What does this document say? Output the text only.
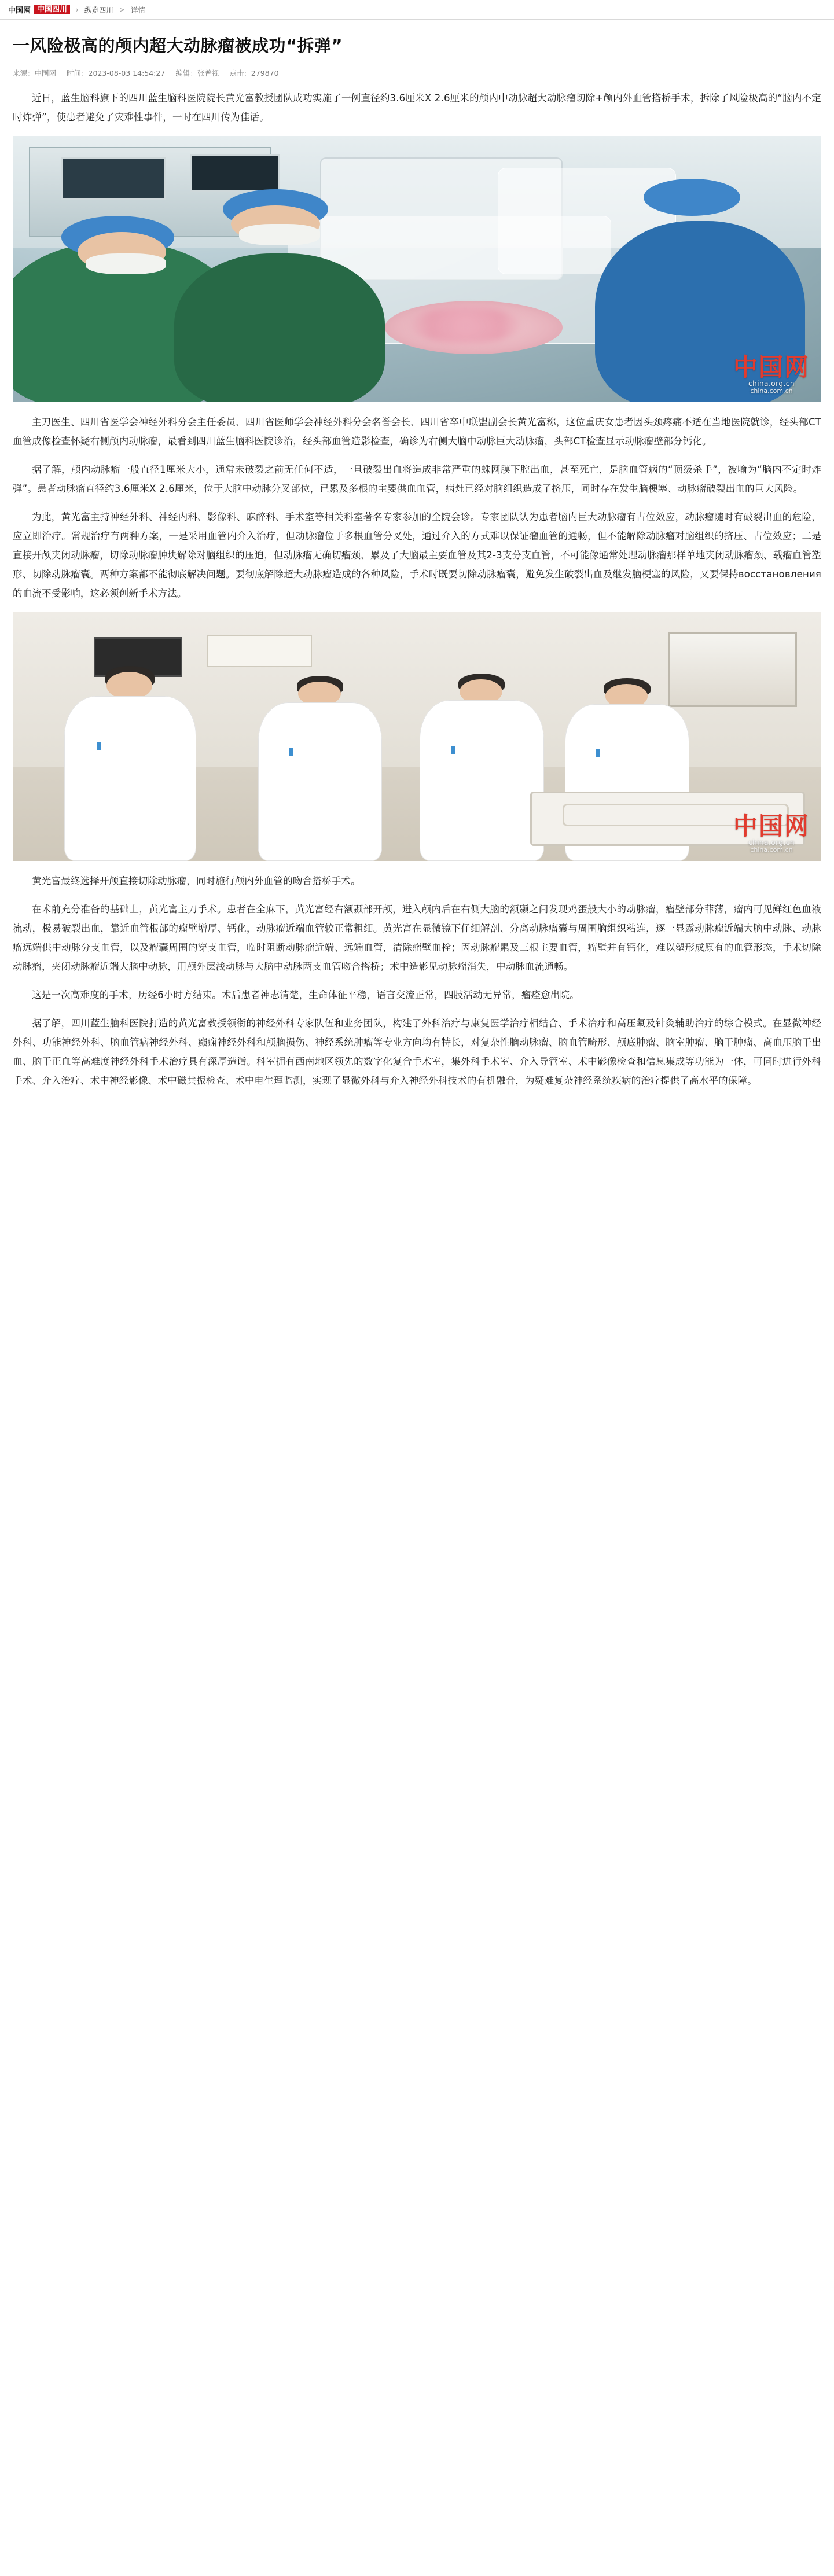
中国网 中国四川	› 纵览四川 > 详情
一风险极高的颅内超大动脉瘤被成功“拆弹”
来源：中国网 时间：2023-08-03 14:54:27 编辑：张普视 点击：279870

近日，蓝生脑科旗下的四川蓝生脑科医院院长黄光富教授团队成功实施了一例直径约3.6厘米X 2.6厘米的颅内中动脉超大动脉瘤切除+颅内外血管搭桥手术，拆除了风险极高的“脑内不定时炸弹”，使患者避免了灾难性事件，一时在四川传为佳话。

中国网
china.org.cn
china.com.cn

主刀医生、四川省医学会神经外科分会主任委员、四川省医师学会神经外科分会名誉会长、四川省卒中联盟副会长黄光富称，这位重庆女患者因头颈疼痛不适在当地医院就诊，经头部CT血管成像检查怀疑右侧颅内动脉瘤，最看到四川蓝生脑科医院诊治，经头部血管造影检查，确诊为右侧大脑中动脉巨大动脉瘤，头部CT检查显示动脉瘤壁部分钙化。

据了解，颅内动脉瘤一般直径1厘米大小，通常未破裂之前无任何不适，一旦破裂出血将造成非常严重的蛛网膜下腔出血，甚至死亡，是脑血管病的“顶级杀手”，被喻为“脑内不定时炸弹”。患者动脉瘤直径约3.6厘米X 2.6厘米，位于大脑中动脉分叉部位，已累及多根的主要供血血管，病灶已经对脑组织造成了挤压，同时存在发生脑梗塞、动脉瘤破裂出血的巨大风险。

为此，黄光富主持神经外科、神经内科、影像科、麻醉科、手术室等相关科室著名专家参加的全院会诊。专家团队认为患者脑内巨大动脉瘤有占位效应，动脉瘤随时有破裂出血的危险，应立即治疗。常规治疗有两种方案，一是采用血管内介入治疗，但动脉瘤位于多根血管分叉处，通过介入的方式难以保证瘤血管的通畅，但不能解除动脉瘤对脑组织的挤压、占位效应；二是直接开颅夹闭动脉瘤，切除动脉瘤肿块解除对脑组织的压迫，但动脉瘤无确切瘤颈、累及了大脑最主要血管及其2-3支分支血管，不可能像通常处理动脉瘤那样单地夹闭动脉瘤颈、载瘤血管塑形、切除动脉瘤囊。两种方案都不能彻底解决问题。要彻底解除超大动脉瘤造成的各种风险，手术时既要切除动脉瘤囊，避免发生破裂出血及继发脑梗塞的风险，又要保持восстановления的血流不受影响，这必须创新手术方法。

中国网
china.org.cn
china.com.cn

黄光富最终选择开颅直接切除动脉瘤，同时施行颅内外血管的吻合搭桥手术。

在术前充分准备的基础上，黄光富主刀手术。患者在全麻下，黄光富经右额颞部开颅，进入颅内后在右侧大脑的额颞之间发现鸡蛋般大小的动脉瘤，瘤壁部分菲薄，瘤内可见鲜红色血液流动，极易破裂出血，靠近血管根部的瘤壁增厚、钙化，动脉瘤近端血管较正常粗细。黄光富在显微镜下仔细解剖、分离动脉瘤囊与周围脑组织粘连，逐一显露动脉瘤近端大脑中动脉、动脉瘤远端供中动脉分支血管，以及瘤囊周围的穿支血管，临时阻断动脉瘤近端、远端血管，清除瘤壁血栓；因动脉瘤累及三根主要血管，瘤壁并有钙化，难以塑形成原有的血管形态，手术切除动脉瘤，夹闭动脉瘤近端大脑中动脉，用颅外层浅动脉与大脑中动脉两支血管吻合搭桥；术中造影见动脉瘤消失，中动脉血流通畅。

这是一次高难度的手术，历经6小时方结束。术后患者神志清楚，生命体征平稳，语言交流正常，四肢活动无异常，瘤痊愈出院。

据了解，四川蓝生脑科医院打造的黄光富教授领衔的神经外科专家队伍和业务团队，构建了外科治疗与康复医学治疗相结合、手术治疗和高压氧及针灸辅助治疗的综合模式。在显微神经外科、功能神经外科、脑血管病神经外科、癫痫神经外科和颅脑损伤、神经系统肿瘤等专业方向均有特长，对复杂性脑动脉瘤、脑血管畸形、颅底肿瘤、脑室肿瘤、脑干肿瘤、高血压脑干出血、脑干正血等高难度神经外科手术治疗具有深厚造诣。科室拥有西南地区领先的数字化复合手术室，集外科手术室、介入导管室、术中影像检查和信息集成等功能为一体，可同时进行外科手术、介入治疗、术中神经影像、术中磁共振检查、术中电生理监测，实现了显微外科与介入神经外科技术的有机融合，为疑难复杂神经系统疾病的治疗提供了高水平的保障。
